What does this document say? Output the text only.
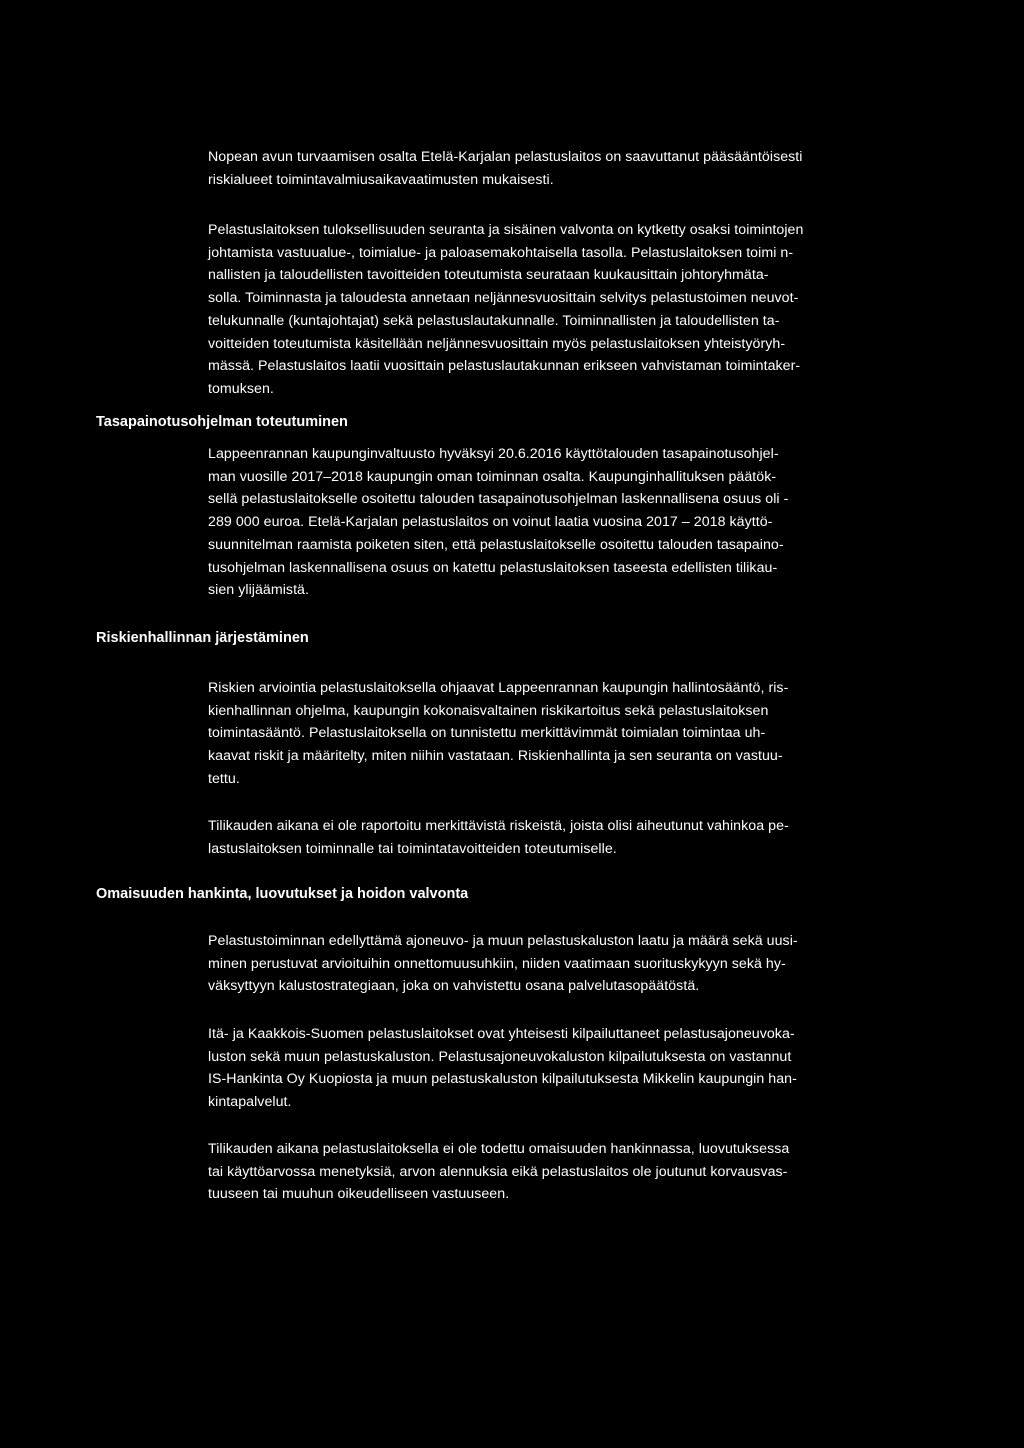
Nopean avun turvaamisen osalta Etelä-Karjalan pelastuslaitos on saavuttanut pääsääntöisesti
riskialueet toimintavalmiusaikavaatimusten mukaisesti.
Pelastuslaitoksen tuloksellisuuden seuranta ja sisäinen valvonta on kytketty osaksi toimintojen
johtamista vastuualue-, toimialue- ja paloasemakohtaisella tasolla. Pelastuslaitoksen toimi n-
nallisten ja taloudellisten tavoitteiden toteutumista seurataan kuukausittain johtoryhmäta-
solla. Toiminnasta ja taloudesta annetaan neljännesvuosittain selvitys pelastustoimen neuvot-
telukunnalle (kuntajohtajat) sekä pelastuslautakunnalle. Toiminnallisten ja taloudellisten ta-
voitteiden toteutumista käsitellään neljännesvuosittain myös pelastuslaitoksen yhteistyöryh-
mässä. Pelastuslaitos laatii vuosittain pelastuslautakunnan erikseen vahvistaman toimintaker-
tomuksen.
Tasapainotusohjelman toteutuminen
Lappeenrannan kaupunginvaltuusto hyväksyi 20.6.2016 käyttötalouden tasapainotusohjel-
man vuosille 2017–2018 kaupungin oman toiminnan osalta. Kaupunginhallituksen päätök-
sellä pelastuslaitokselle osoitettu talouden tasapainotusohjelman laskennallisena osuus oli -
289 000 euroa. Etelä-Karjalan pelastuslaitos on voinut laatia vuosina 2017 – 2018 käyttö-
suunnitelman raamista poiketen siten, että pelastuslaitokselle osoitettu talouden tasapaino-
tusohjelman laskennallisena osuus on katettu pelastuslaitoksen taseesta edellisten tilikau-
sien ylijäämistä.
Riskienhallinnan järjestäminen
Riskien arviointia pelastuslaitoksella ohjaavat Lappeenrannan kaupungin hallintosääntö, ris-
kienhallinnan ohjelma, kaupungin kokonaisvaltainen riskikartoitus sekä pelastuslaitoksen
toimintasääntö. Pelastuslaitoksella on tunnistettu merkittävimmät toimialan toimintaa uh-
kaavat riskit ja määritelty, miten niihin vastataan. Riskienhallinta ja sen seuranta on vastuu-
tettu.
Tilikauden aikana ei ole raportoitu merkittävistä riskeistä, joista olisi aiheutunut vahinkoa pe-
lastuslaitoksen toiminnalle tai toimintatavoitteiden toteutumiselle.
Omaisuuden hankinta, luovutukset ja hoidon valvonta
Pelastustoiminnan edellyttämä ajoneuvo- ja muun pelastuskaluston laatu ja määrä sekä uusi-
minen perustuvat arvioituihin onnettomuusuhkiin, niiden vaatimaan suorituskykyyn sekä hy-
väksyttyyn kalustostrategiaan, joka on vahvistettu osana palvelutasopäätöstä.
Itä- ja Kaakkois-Suomen pelastuslaitokset ovat yhteisesti kilpailuttaneet pelastusajoneuvoka-
luston sekä muun pelastuskaluston. Pelastusajoneuvokaluston kilpailutuksesta on vastannut
IS-Hankinta Oy Kuopiosta ja muun pelastuskaluston kilpailutuksesta Mikkelin kaupungin han-
kintapalvelut.
Tilikauden aikana pelastuslaitoksella ei ole todettu omaisuuden hankinnassa, luovutuksessa
tai käyttöarvossa menetyksiä, arvon alennuksia eikä pelastuslaitos ole joutunut korvausvas-
tuuseen tai muuhun oikeudelliseen vastuuseen.
